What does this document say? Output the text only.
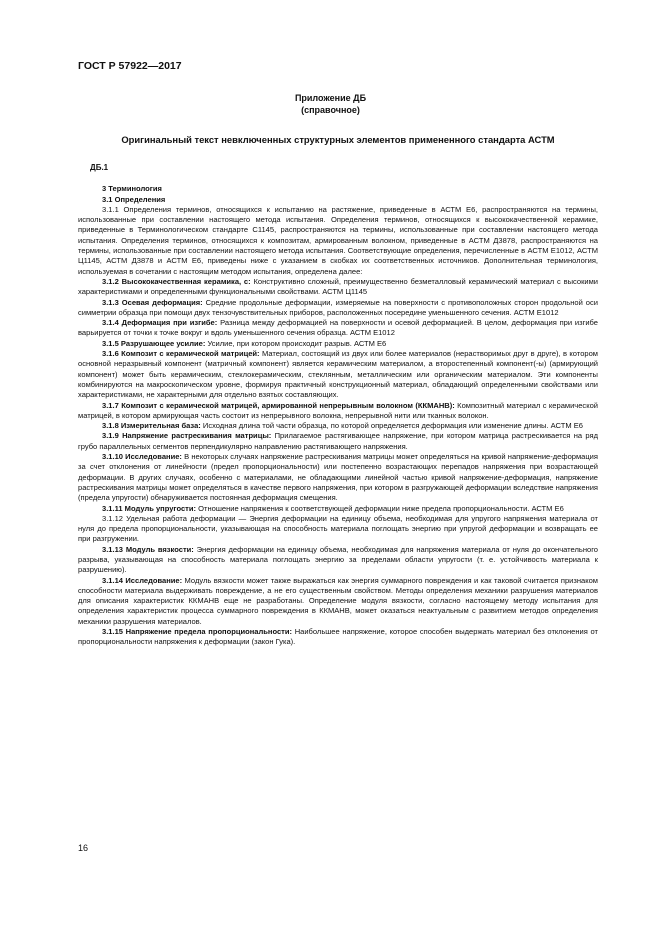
ГОСТ Р 57922—2017
Приложение ДБ
(справочное)
Оригинальный текст невключенных структурных элементов примененного стандарта АСТМ
ДБ.1

3 Терминология

3.1 Определения

3.1.1 Определения терминов, относящихся к испытанию на растяжение, приведенные в АСТМ Е6, распространяются на термины, использованные при составлении настоящего метода испытания. Определения терминов, относящихся к высококачественной керамике, приведенные в Терминологическом стандарте С1145, распространяются на термины, использованные при составлении настоящего метода испытания. Определения терминов, относящихся к композитам, армированным волокном, приведенные в АСТМ Д3878, распространяются на термины, использованные при составлении настоящего метода испытания. Соответствующие определения, перечисленные в АСТМ Е1012, АСТМ Ц1145, АСТМ Д3878 и АСТМ Е6, приведены ниже с указанием в скобках их соответственных источников. Дополнительная терминология, используемая в сочетании с настоящим методом испытания, определена далее:

3.1.2 Высококачественная керамика, с: Конструктивно сложный, преимущественно безметалловый керамический материал с высокими характеристиками и определенными функциональными свойствами. АСТМ Ц1145

3.1.3 Осевая деформация: Средние продольные деформации, измеряемые на поверхности с противоположных сторон продольной оси симметрии образца при помощи двух тензочувствительных приборов, расположенных посередине уменьшенного сечения. АСТМ Е1012

3.1.4 Деформация при изгибе: Разница между деформацией на поверхности и осевой деформацией. В целом, деформация при изгибе варьируется от точки к точке вокруг и вдоль уменьшенного сечения образца. АСТМ Е1012

3.1.5 Разрушающее усилие: Усилие, при котором происходит разрыв. АСТМ Е6

3.1.6 Композит с керамической матрицей: Материал, состоящий из двух или более материалов (нерастворимых друг в друге), в котором основной неразрывный компонент (матричный компонент) является керамическим материалом, а второстепенный компонент(-ы) (армирующий компонент) может быть керамическим, стеклокерамическим, стеклянным, металлическим или органическим материалом. Эти компоненты комбинируются на макроскопическом уровне, формируя практичный конструкционный материал, обладающий определенными свойствами или характеристиками, не характерными для отдельно взятых составляющих.

3.1.7 Композит с керамической матрицей, армированной непрерывным волокном (ККМАНВ): Композитный материал с керамической матрицей, в котором армирующая часть состоит из непрерывного волокна, непрерывной нити или тканных волокон.

3.1.8 Измерительная база: Исходная длина той части образца, по которой определяется деформация или изменение длины. АСТМ Е6

3.1.9 Напряжение растрескивания матрицы: Прилагаемое растягивающее напряжение, при котором матрица растрескивается на ряд грубо параллельных сегментов перпендикулярно направлению растягивающего напряжения.

3.1.10 Исследование: В некоторых случаях напряжение растрескивания матрицы может определяться на кривой напряжение-деформация за счет отклонения от линейности (предел пропорциональности) или постепенно возрастающих перепадов напряжения при возрастающей деформации. В других случаях, особенно с материалами, не обладающими линейной частью кривой напряжение-деформация, напряжение растрескивания матрицы может определяться в качестве первого напряжения, при котором в разгружающей деформации вследствие напряжения (предела упругости) обнаруживается постоянная деформация смещения.

3.1.11 Модуль упругости: Отношение напряжения к соответствующей деформации ниже предела пропорциональности. АСТМ Е6

3.1.12 Удельная работа деформации — Энергия деформации на единицу объема, необходимая для упругого напряжения материала от нуля до предела пропорциональности, указывающая на способность материала поглощать энергию при упругой деформации и возвращать ее при разгружении.

3.1.13 Модуль вязкости: Энергия деформации на единицу объема, необходимая для напряжения материала от нуля до окончательного разрыва, указывающая на способность материала поглощать энергию за пределами области упругости (т. е. устойчивость материала к разрушению).

3.1.14 Исследование: Модуль вязкости может также выражаться как энергия суммарного повреждения и как таковой считается признаком способности материала выдерживать повреждение, а не его существенным свойством. Методы определения механики разрушения материалов для описания характеристик ККМАНВ еще не разработаны. Определение модуля вязкости, согласно настоящему методу испытания для определения характеристик процесса суммарного повреждения в ККМАНВ, может оказаться неактуальным с развитием методов определения механики разрушения материалов.

3.1.15 Напряжение предела пропорциональности: Наибольшее напряжение, которое способен выдержать материал без отклонения от пропорциональности напряжения к деформации (закон Гука).

16
